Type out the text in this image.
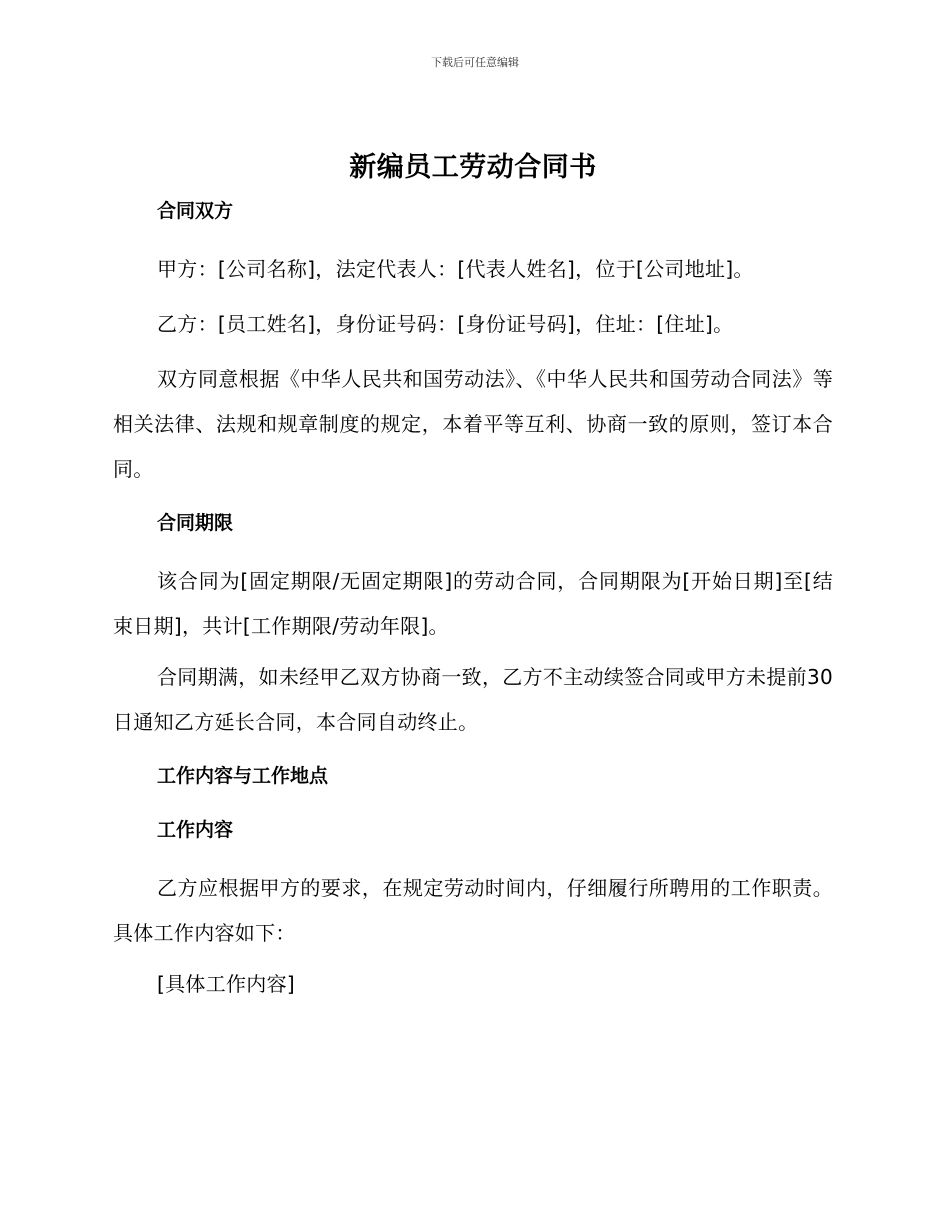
下载后可任意编辑
新编员工劳动合同书
合同双方

甲方：[公司名称]，法定代表人：[代表人姓名]，位于[公司地址]。

乙方：[员工姓名]，身份证号码：[身份证号码]，住址：[住址]。

双方同意根据《中华人民共和国劳动法》、《中华人民共和国劳动合同法》等相关法律、法规和规章制度的规定，本着平等互利、协商一致的原则，签订本合同。

合同期限

该合同为[固定期限/无固定期限]的劳动合同，合同期限为[开始日期]至[结束日期]，共计[工作期限/劳动年限]。

合同期满，如未经甲乙双方协商一致，乙方不主动续签合同或甲方未提前30日通知乙方延长合同，本合同自动终止。

工作内容与工作地点
工作内容

乙方应根据甲方的要求，在规定劳动时间内，仔细履行所聘用的工作职责。具体工作内容如下：

[具体工作内容]
